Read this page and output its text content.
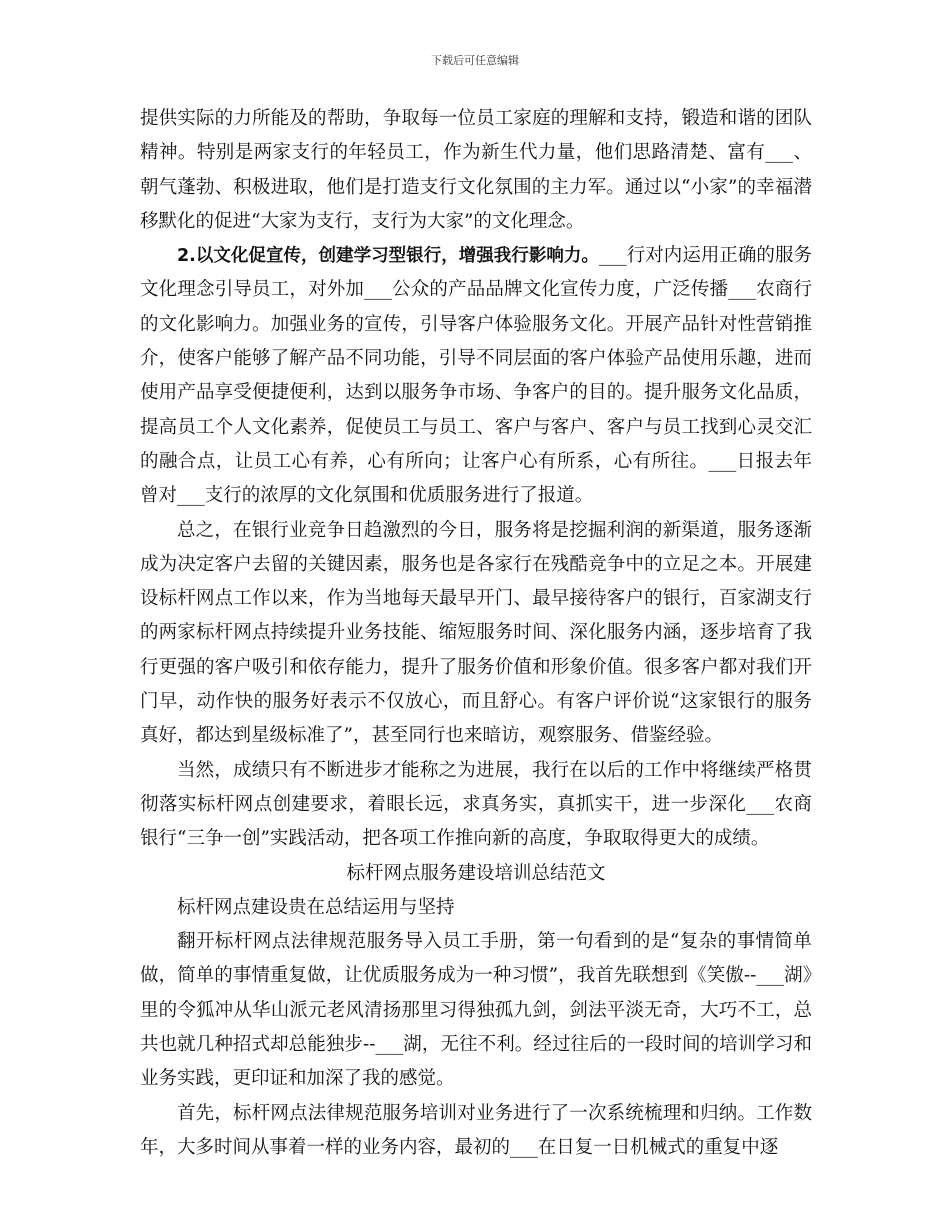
下载后可任意编辑

提供实际的力所能及的帮助，争取每一位员工家庭的理解和支持，锻造和谐的团队精神。特别是两家支行的年轻员工，作为新生代力量，他们思路清楚、富有___、朝气蓬勃、积极进取，他们是打造支行文化氛围的主力军。通过以“小家”的幸福潜移默化的促进“大家为支行，支行为大家”的文化理念。

2.以文化促宣传，创建学习型银行，增强我行影响力。___行对内运用正确的服务文化理念引导员工，对外加___公众的产品品牌文化宣传力度，广泛传播___农商行的文化影响力。加强业务的宣传，引导客户体验服务文化。开展产品针对性营销推介，使客户能够了解产品不同功能，引导不同层面的客户体验产品使用乐趣，进而使用产品享受便捷便利，达到以服务争市场、争客户的目的。提升服务文化品质，提高员工个人文化素养，促使员工与员工、客户与客户、客户与员工找到心灵交汇的融合点，让员工心有养，心有所向；让客户心有所系，心有所往。___日报去年曾对___支行的浓厚的文化氛围和优质服务进行了报道。

总之，在银行业竞争日趋激烈的今日，服务将是挖掘利润的新渠道，服务逐渐成为决定客户去留的关键因素，服务也是各家行在残酷竞争中的立足之本。开展建设标杆网点工作以来，作为当地每天最早开门、最早接待客户的银行，百家湖支行的两家标杆网点持续提升业务技能、缩短服务时间、深化服务内涵，逐步培育了我行更强的客户吸引和依存能力，提升了服务价值和形象价值。很多客户都对我们开门早，动作快的服务好表示不仅放心，而且舒心。有客户评价说“这家银行的服务真好，都达到星级标准了”，甚至同行也来暗访，观察服务、借鉴经验。

当然，成绩只有不断进步才能称之为进展，我行在以后的工作中将继续严格贯彻落实标杆网点创建要求，着眼长远，求真务实，真抓实干，进一步深化___农商银行“三争一创”实践活动，把各项工作推向新的高度，争取取得更大的成绩。

标杆网点服务建设培训总结范文

标杆网点建设贵在总结运用与坚持

翻开标杆网点法律规范服务导入员工手册，第一句看到的是“复杂的事情简单做，简单的事情重复做，让优质服务成为一种习惯”，我首先联想到《笑傲--___湖》里的令狐冲从华山派元老风清扬那里习得独孤九剑，剑法平淡无奇，大巧不工，总共也就几种招式却总能独步--___湖，无往不利。经过往后的一段时间的培训学习和业务实践，更印证和加深了我的感觉。

首先，标杆网点法律规范服务培训对业务进行了一次系统梳理和归纳。工作数年，大多时间从事着一样的业务内容，最初的___在日复一日机械式的重复中逐
